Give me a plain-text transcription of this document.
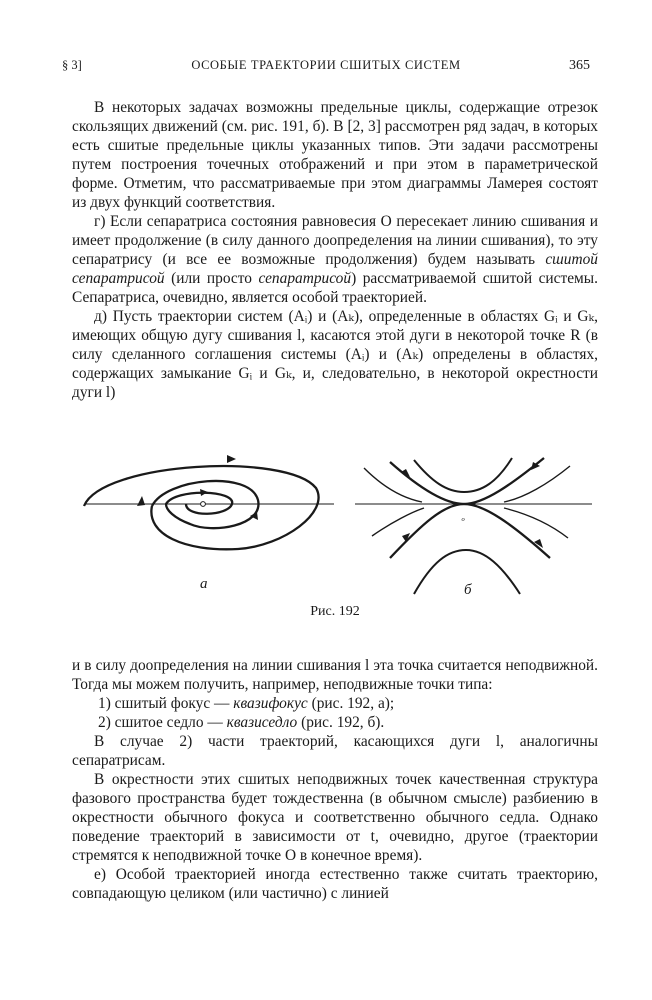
§ 3]	ОСОБЫЕ ТРАЕКТОРИИ СШИТЫХ СИСТЕМ	365

В некоторых задачах возможны предельные циклы, содержащие отрезок скользящих движений (см. рис. 191, б). В [2, 3] рассмотрен ряд задач, в которых есть сшитые предельные циклы указанных типов. Эти задачи рассмотрены путем построения точечных отображений и при этом в параметрической форме. Отметим, что рассматриваемые при этом диаграммы Ламерея состоят из двух функций соответствия.

г) Если сепаратриса состояния равновесия O пересекает линию сшивания и имеет продолжение (в силу данного доопределения на линии сшивания), то эту сепаратрису (и все ее возможные продолжения) будем называть сшитой сепаратрисой (или просто сепаратрисой) рассматриваемой сшитой системы. Сепаратриса, очевидно, является особой траекторией.

д) Пусть траектории систем (Aᵢ) и (Aₖ), определенные в областях Gᵢ и Gₖ, имеющих общую дугу сшивания l, касаются этой дуги в некоторой точке R (в силу сделанного соглашения системы (Aᵢ) и (Aₖ) определены в областях, содержащих замыкание Gᵢ и Gₖ, и, следовательно, в некоторой окрестности дуги l)

ᵒ
а	б
Рис. 192

и в силу доопределения на линии сшивания l эта точка считается неподвижной. Тогда мы можем получить, например, неподвижные точки типа:

1) сшитый фокус — квазифокус (рис. 192, а);

2) сшитое седло — квазиседло (рис. 192, б).

В случае 2) части траекторий, касающихся дуги l, аналогичны сепаратрисам.

В окрестности этих сшитых неподвижных точек качественная структура фазового пространства будет тождественна (в обычном смысле) разбиению в окрестности обычного фокуса и соответственно обычного седла. Однако поведение траекторий в зависимости от t, очевидно, другое (траектории стремятся к неподвижной точке O в конечное время).

е) Особой траекторией иногда естественно также считать траекторию, совпадающую целиком (или частично) с линией
